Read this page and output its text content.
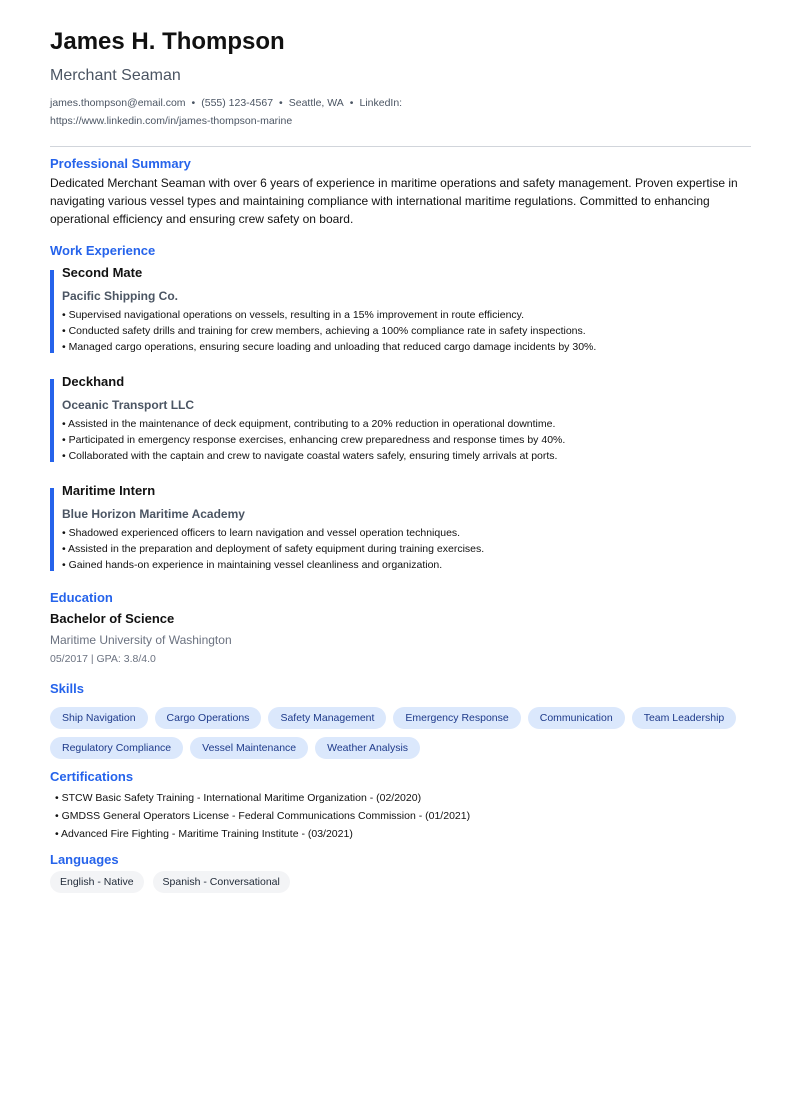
James H. Thompson
Merchant Seaman
james.thompson@email.com • (555) 123-4567 • Seattle, WA • LinkedIn: https://www.linkedin.com/in/james-thompson-marine
Professional Summary
Dedicated Merchant Seaman with over 6 years of experience in maritime operations and safety management. Proven expertise in navigating various vessel types and maintaining compliance with international maritime regulations. Committed to enhancing operational efficiency and ensuring crew safety on board.
Work Experience
Second Mate
Pacific Shipping Co.
• Supervised navigational operations on vessels, resulting in a 15% improvement in route efficiency.
• Conducted safety drills and training for crew members, achieving a 100% compliance rate in safety inspections.
• Managed cargo operations, ensuring secure loading and unloading that reduced cargo damage incidents by 30%.
Deckhand
Oceanic Transport LLC
• Assisted in the maintenance of deck equipment, contributing to a 20% reduction in operational downtime.
• Participated in emergency response exercises, enhancing crew preparedness and response times by 40%.
• Collaborated with the captain and crew to navigate coastal waters safely, ensuring timely arrivals at ports.
Maritime Intern
Blue Horizon Maritime Academy
• Shadowed experienced officers to learn navigation and vessel operation techniques.
• Assisted in the preparation and deployment of safety equipment during training exercises.
• Gained hands-on experience in maintaining vessel cleanliness and organization.
Education
Bachelor of Science
Maritime University of Washington
05/2017 | GPA: 3.8/4.0
Skills
Ship Navigation	Cargo Operations	Safety Management	Emergency Response	Communication	Team Leadership
Regulatory Compliance	Vessel Maintenance	Weather Analysis
Certifications
• STCW Basic Safety Training - International Maritime Organization - (02/2020)
• GMDSS General Operators License - Federal Communications Commission - (01/2021)
• Advanced Fire Fighting - Maritime Training Institute - (03/2021)
Languages
English - Native	Spanish - Conversational
